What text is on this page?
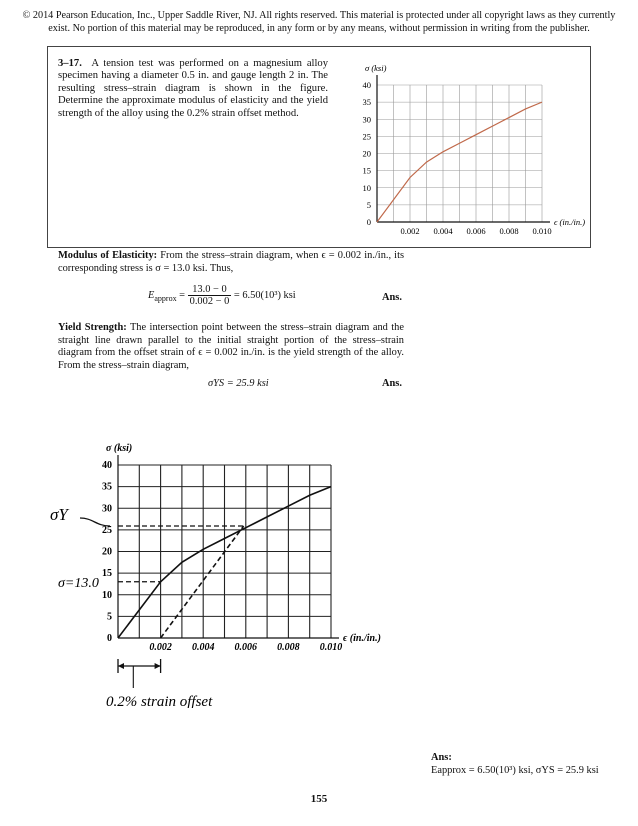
© 2014 Pearson Education, Inc., Upper Saddle River, NJ. All rights reserved. This material is protected under all copyright laws as they currently exist. No portion of this material may be reproduced, in any form or by any means, without permission in writing from the publisher.
3–17. A tension test was performed on a magnesium alloy specimen having a diameter 0.5 in. and gauge length 2 in. The resulting stress–strain diagram is shown in the figure. Determine the approximate modulus of elasticity and the yield strength of the alloy using the 0.2% strain offset method.
5
10
15
20
25
30
35
40
0
0.002 0.004 0.006 0.008 0.010
σ (ksi)
ϵ (in./in.)
Modulus of Elasticity: From the stress–strain diagram, when ϵ = 0.002 in./in., its corresponding stress is σ = 13.0 ksi. Thus,
$E_{approx} = \frac{13.0 - 0}{0.002 - 0} = 6.50(10^3)$ ksi	Ans.
Yield Strength: The intersection point between the stress–strain diagram and the straight line drawn parallel to the initial straight portion of the stress–strain diagram from the offset strain of ϵ = 0.002 in./in. is the yield strength of the alloy. From the stress–strain diagram,
σYS = 25.9 ksi	Ans.
5
10
15
20
25
30
35
40
0
0.002 0.004 0.006 0.008 0.010
σ (ksi)
ϵ (in./in.)
σY
σ=13.0
0.2% strain offset
Ans:
Eapprox = 6.50(10³) ksi, σYS = 25.9 ksi
155
